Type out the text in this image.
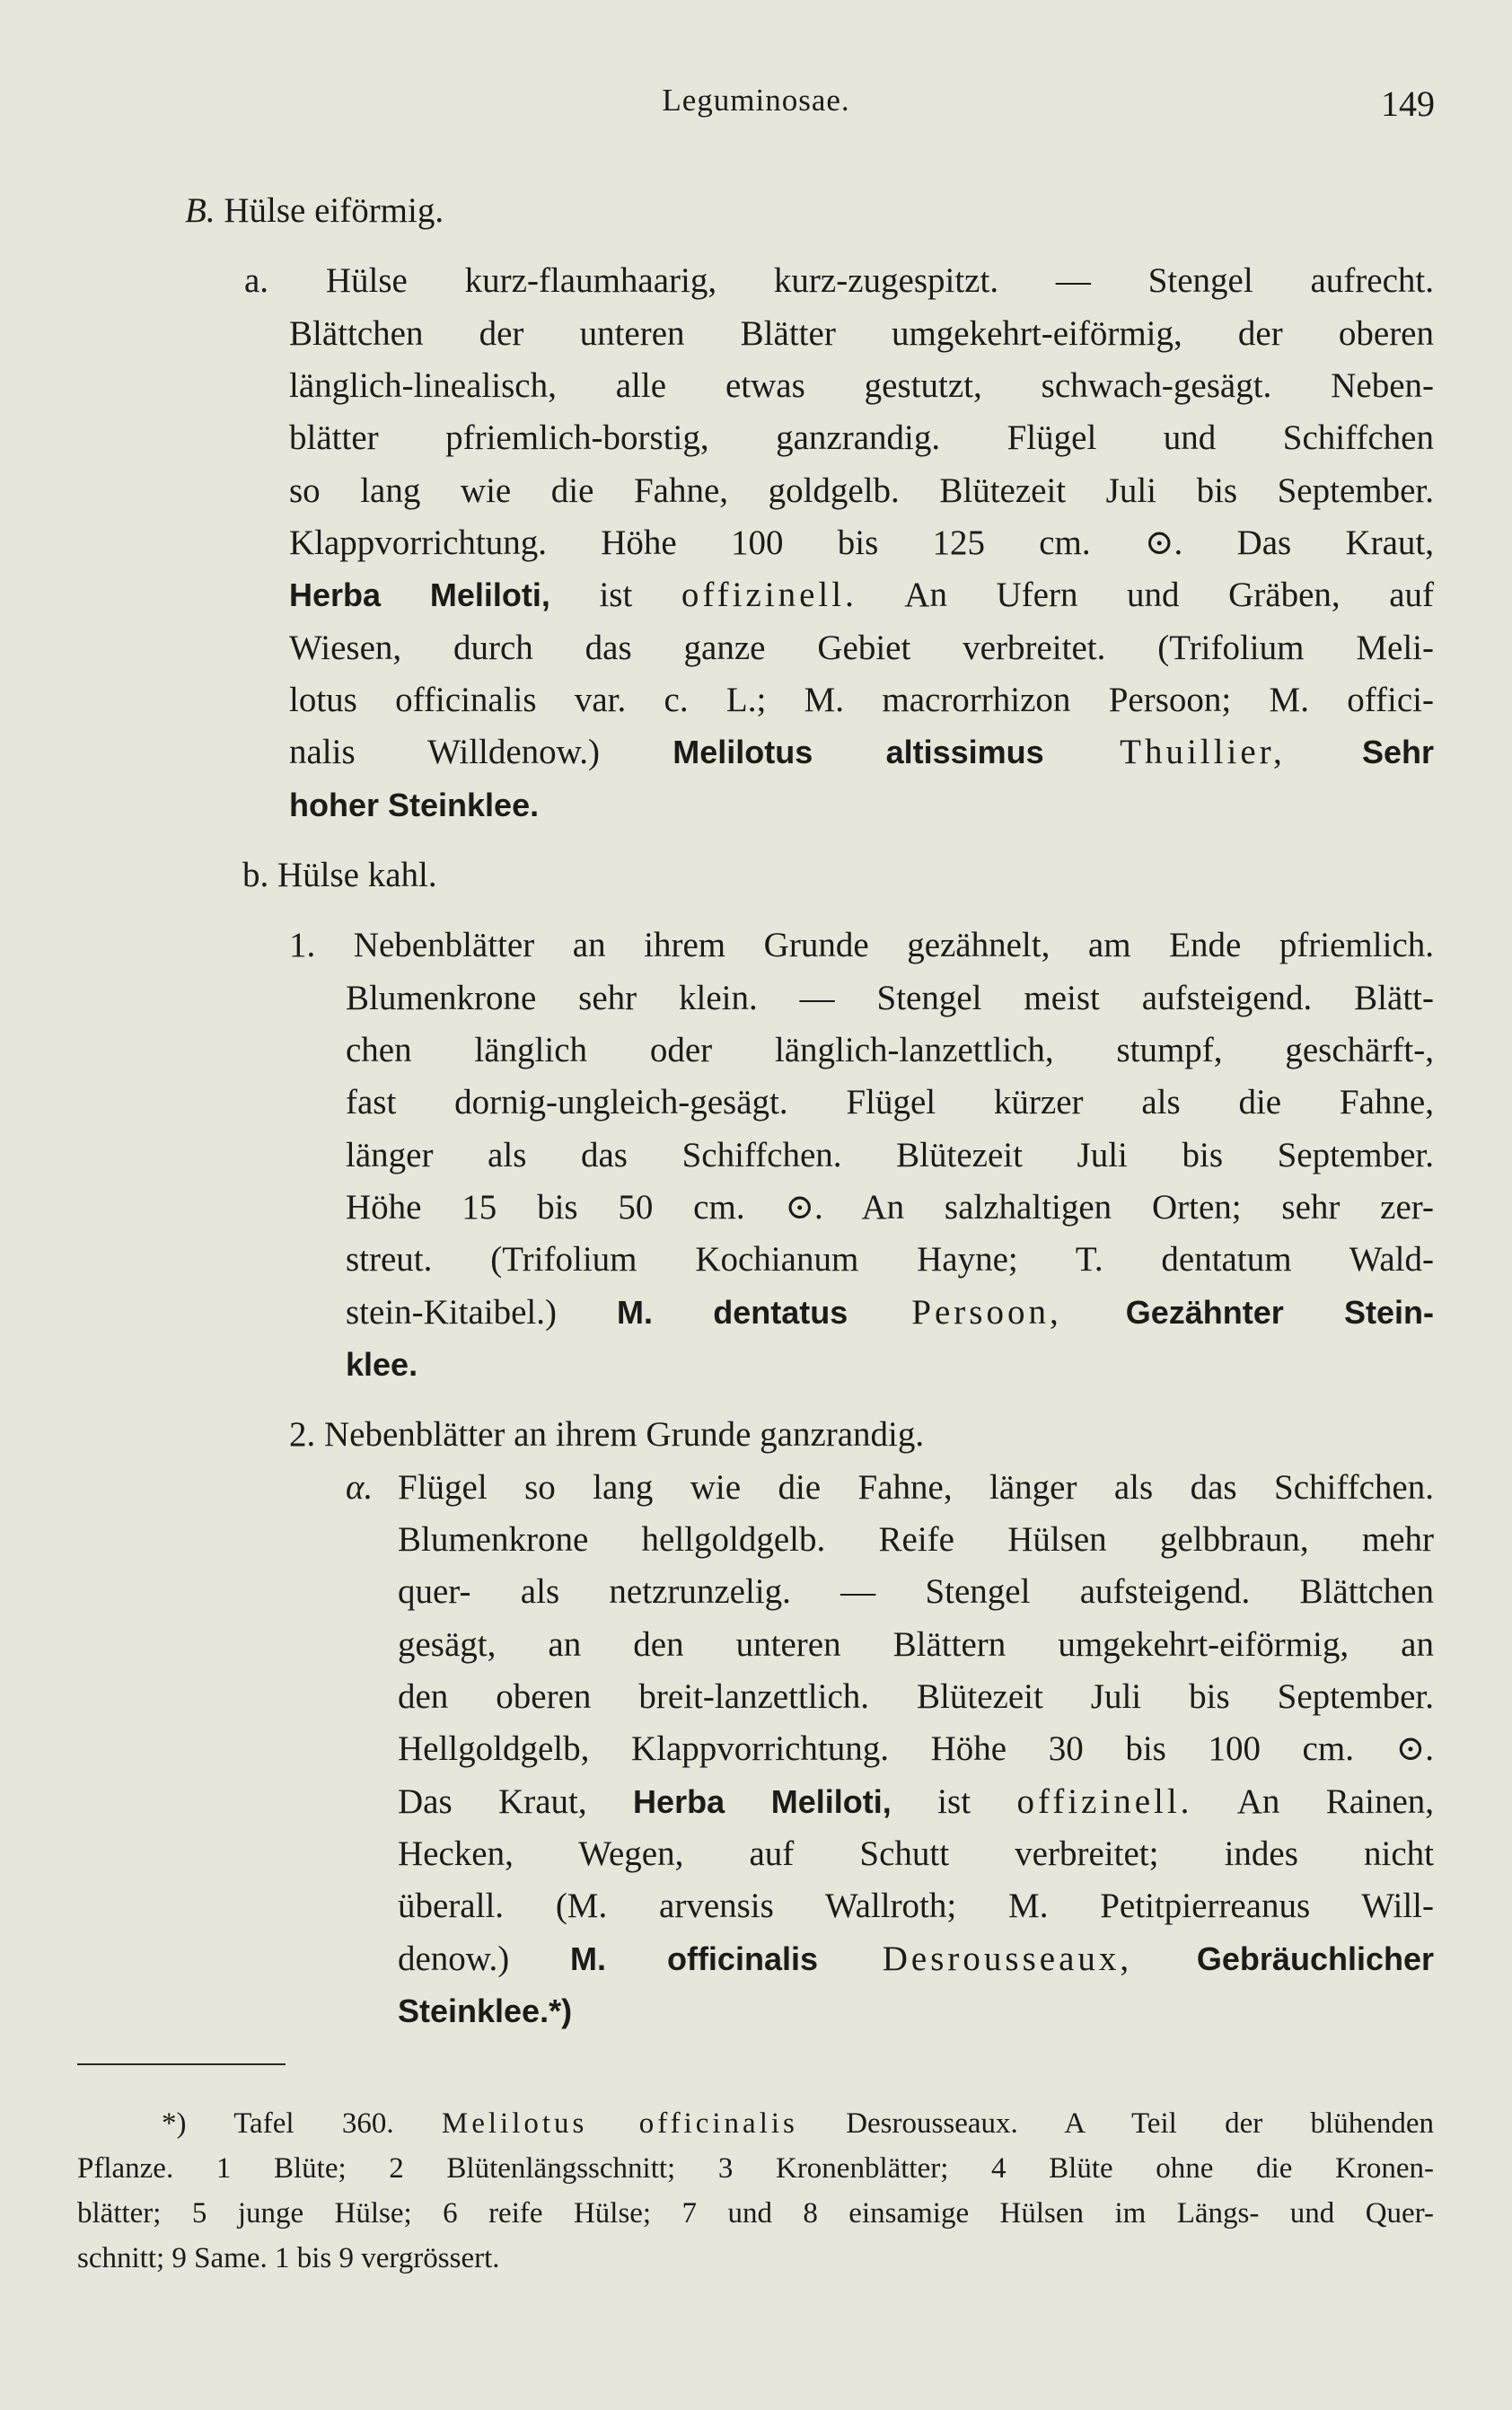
Leguminosae.	149
B. Hülse eiförmig.
a. Hülse kurz-flaumhaarig, kurz-zugespitzt. — Stengel aufrecht.
Blättchen der unteren Blätter umgekehrt-eiförmig, der oberen
länglich-linealisch, alle etwas gestutzt, schwach-gesägt. Neben-
blätter pfriemlich-borstig, ganzrandig. Flügel und Schiffchen
so lang wie die Fahne, goldgelb. Blütezeit Juli bis September.
Klappvorrichtung. Höhe 100 bis 125 cm. ⊙. Das Kraut,
Herba Meliloti, ist offizinell. An Ufern und Gräben, auf
Wiesen, durch das ganze Gebiet verbreitet. (Trifolium Meli-
lotus officinalis var. c. L.; M. macrorrhizon Persoon; M. offici-
nalis Willdenow.) Melilotus altissimus Thuillier, Sehr
hoher Steinklee.
b. Hülse kahl.
1. Nebenblätter an ihrem Grunde gezähnelt, am Ende pfriemlich.
Blumenkrone sehr klein. — Stengel meist aufsteigend. Blätt-
chen länglich oder länglich-lanzettlich, stumpf, geschärft-,
fast dornig-ungleich-gesägt. Flügel kürzer als die Fahne,
länger als das Schiffchen. Blütezeit Juli bis September.
Höhe 15 bis 50 cm. ⊙. An salzhaltigen Orten; sehr zer-
streut. (Trifolium Kochianum Hayne; T. dentatum Wald-
stein-Kitaibel.) M. dentatus Persoon, Gezähnter Stein-
klee.
2. Nebenblätter an ihrem Grunde ganzrandig.
α. Flügel so lang wie die Fahne, länger als das Schiffchen.
Blumenkrone hellgoldgelb. Reife Hülsen gelbbraun, mehr
quer- als netzrunzelig. — Stengel aufsteigend. Blättchen
gesägt, an den unteren Blättern umgekehrt-eiförmig, an
den oberen breit-lanzettlich. Blütezeit Juli bis September.
Hellgoldgelb, Klappvorrichtung. Höhe 30 bis 100 cm. ⊙.
Das Kraut, Herba Meliloti, ist offizinell. An Rainen,
Hecken, Wegen, auf Schutt verbreitet; indes nicht
überall. (M. arvensis Wallroth; M. Petitpierreanus Will-
denow.) M. officinalis Desrousseaux, Gebräuchlicher
Steinklee.*)
*) Tafel 360. Melilotus officinalis Desrousseaux. A Teil der blühenden
Pflanze. 1 Blüte; 2 Blütenlängsschnitt; 3 Kronenblätter; 4 Blüte ohne die Kronen-
blätter; 5 junge Hülse; 6 reife Hülse; 7 und 8 einsamige Hülsen im Längs- und Quer-
schnitt; 9 Same. 1 bis 9 vergrössert.
